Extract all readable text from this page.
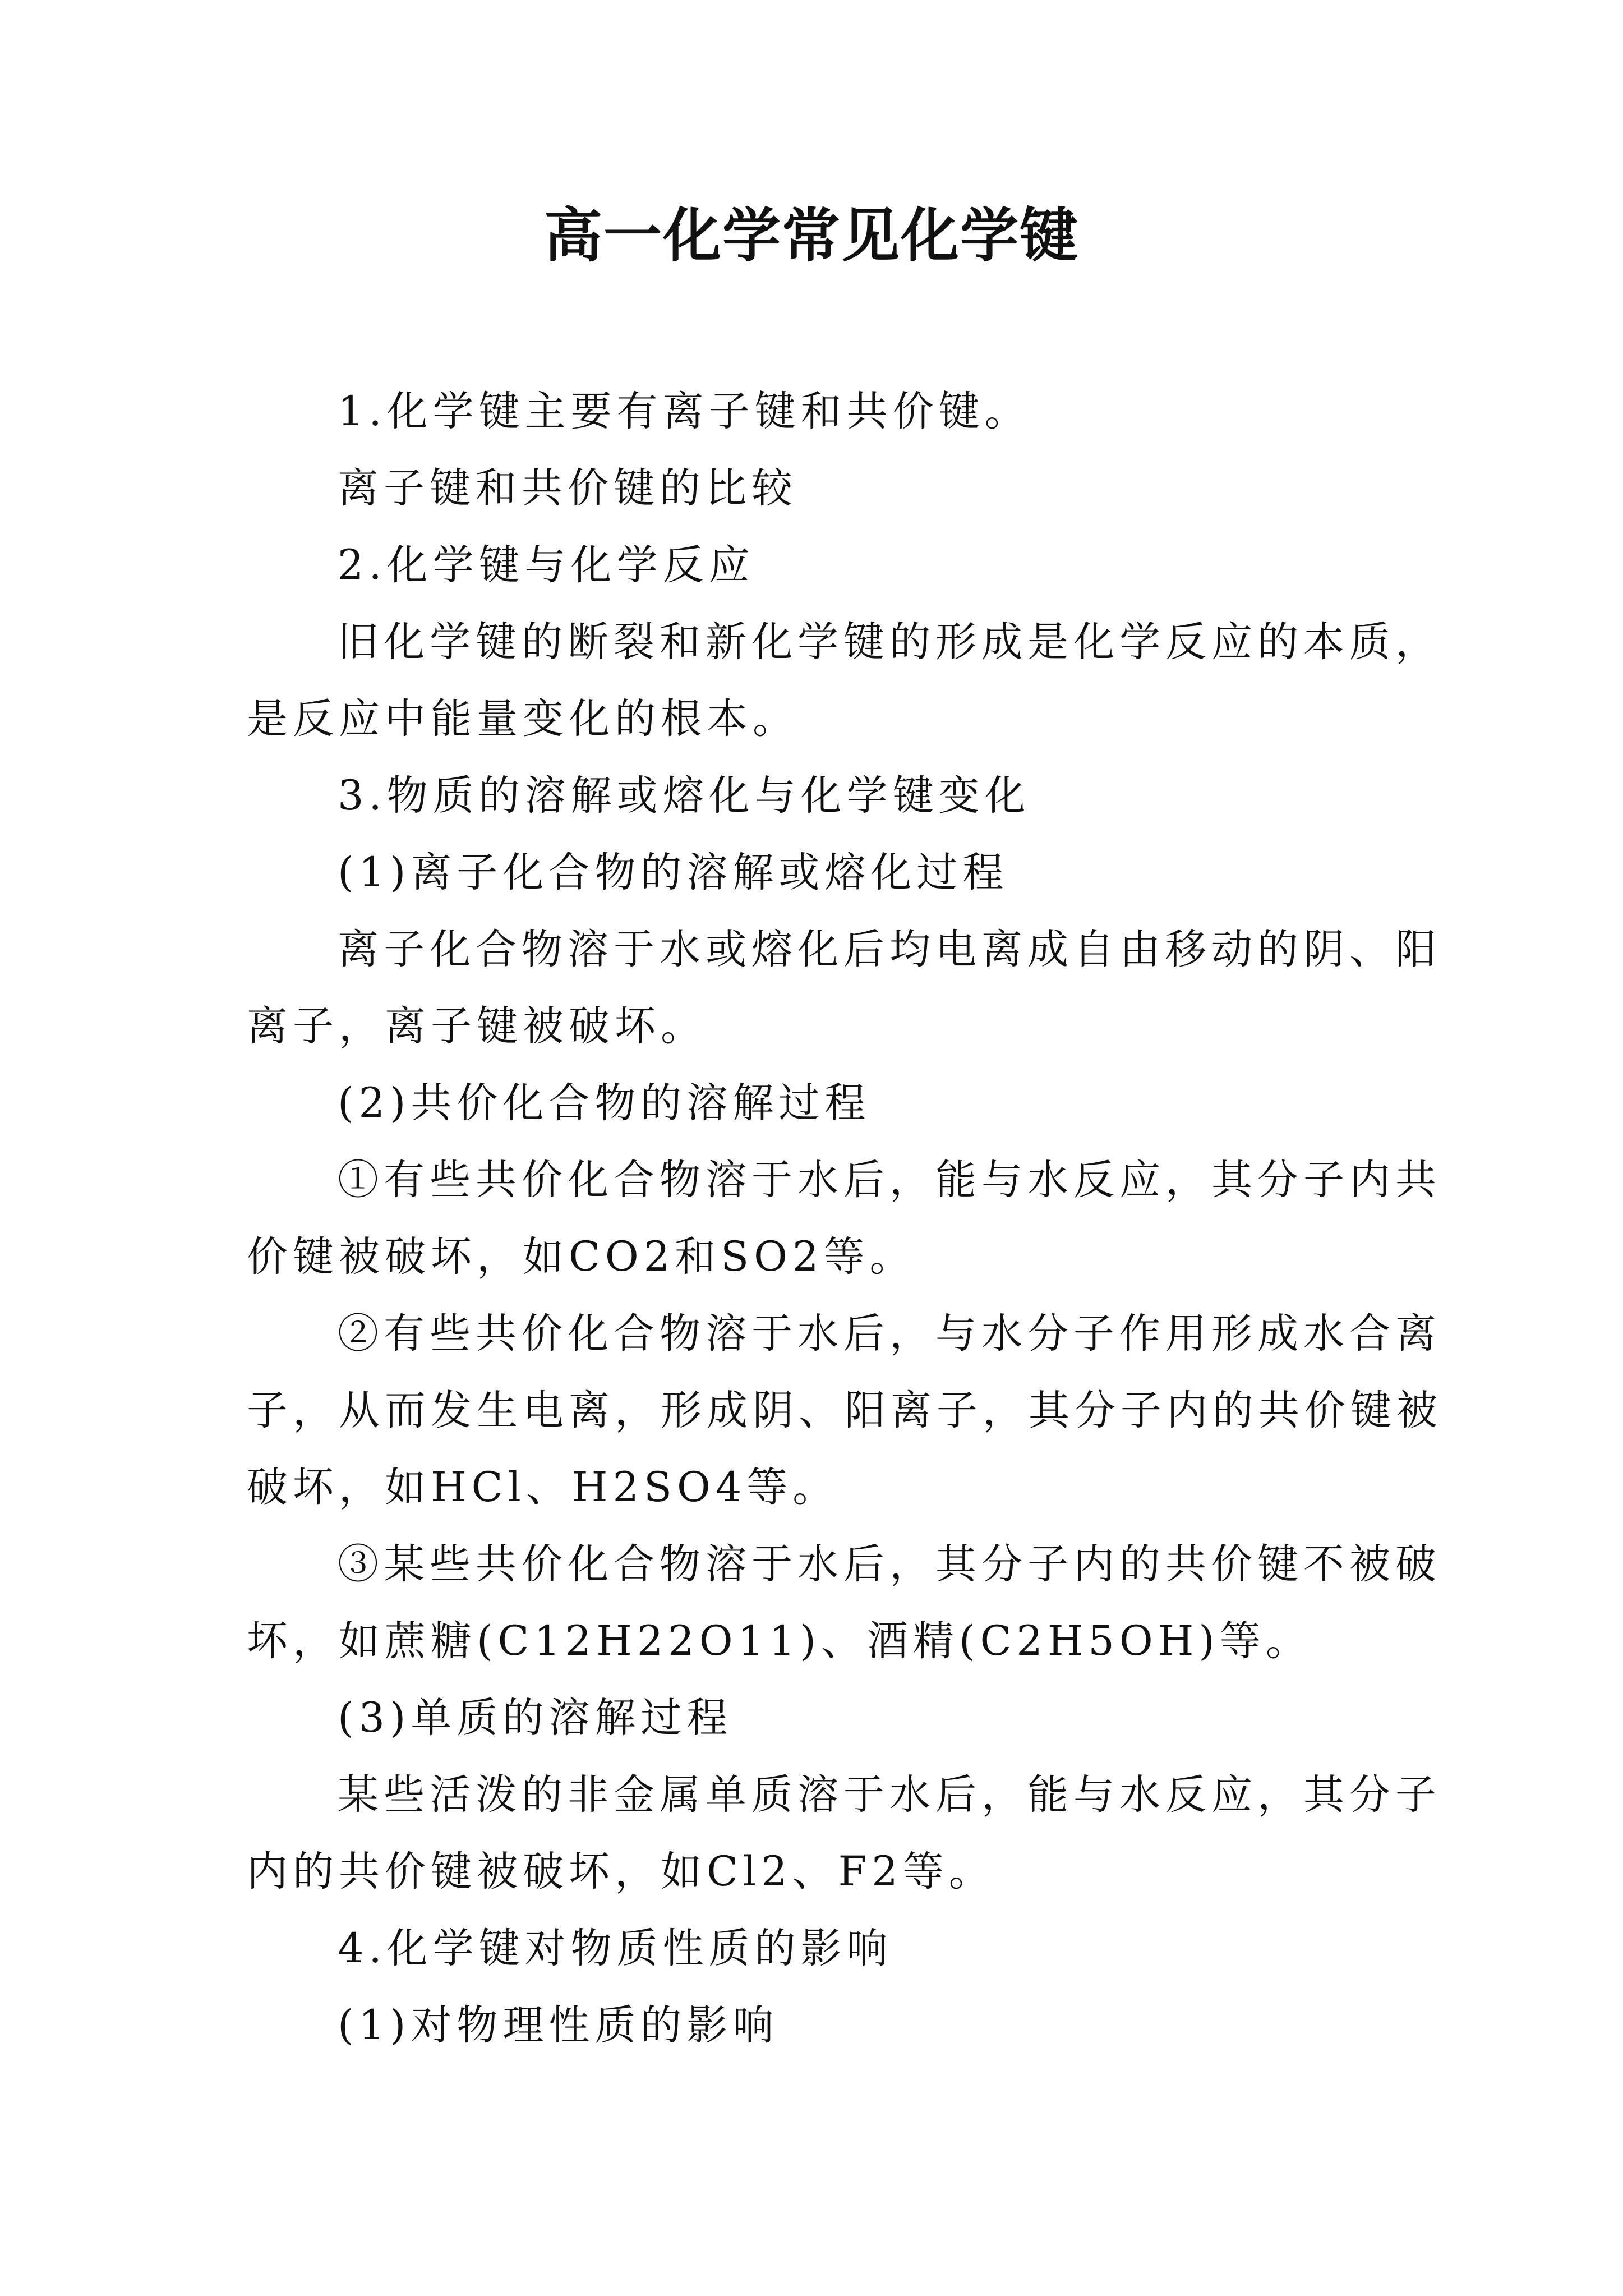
高一化学常见化学键

1.化学键主要有离子键和共价键。

离子键和共价键的比较

2.化学键与化学反应

旧化学键的断裂和新化学键的形成是化学反应的本质，
是反应中能量变化的根本。

3.物质的溶解或熔化与化学键变化

(1)离子化合物的溶解或熔化过程

离子化合物溶于水或熔化后均电离成自由移动的阴、阳
离子，离子键被破坏。

(2)共价化合物的溶解过程

①有些共价化合物溶于水后，能与水反应，其分子内共
价键被破坏，如CO2和SO2等。

②有些共价化合物溶于水后，与水分子作用形成水合离
子，从而发生电离，形成阴、阳离子，其分子内的共价键被
破坏，如HCl、H2SO4等。

③某些共价化合物溶于水后，其分子内的共价键不被破
坏，如蔗糖(C12H22O11)、酒精(C2H5OH)等。

(3)单质的溶解过程

某些活泼的非金属单质溶于水后，能与水反应，其分子
内的共价键被破坏，如Cl2、F2等。

4.化学键对物质性质的影响

(1)对物理性质的影响
